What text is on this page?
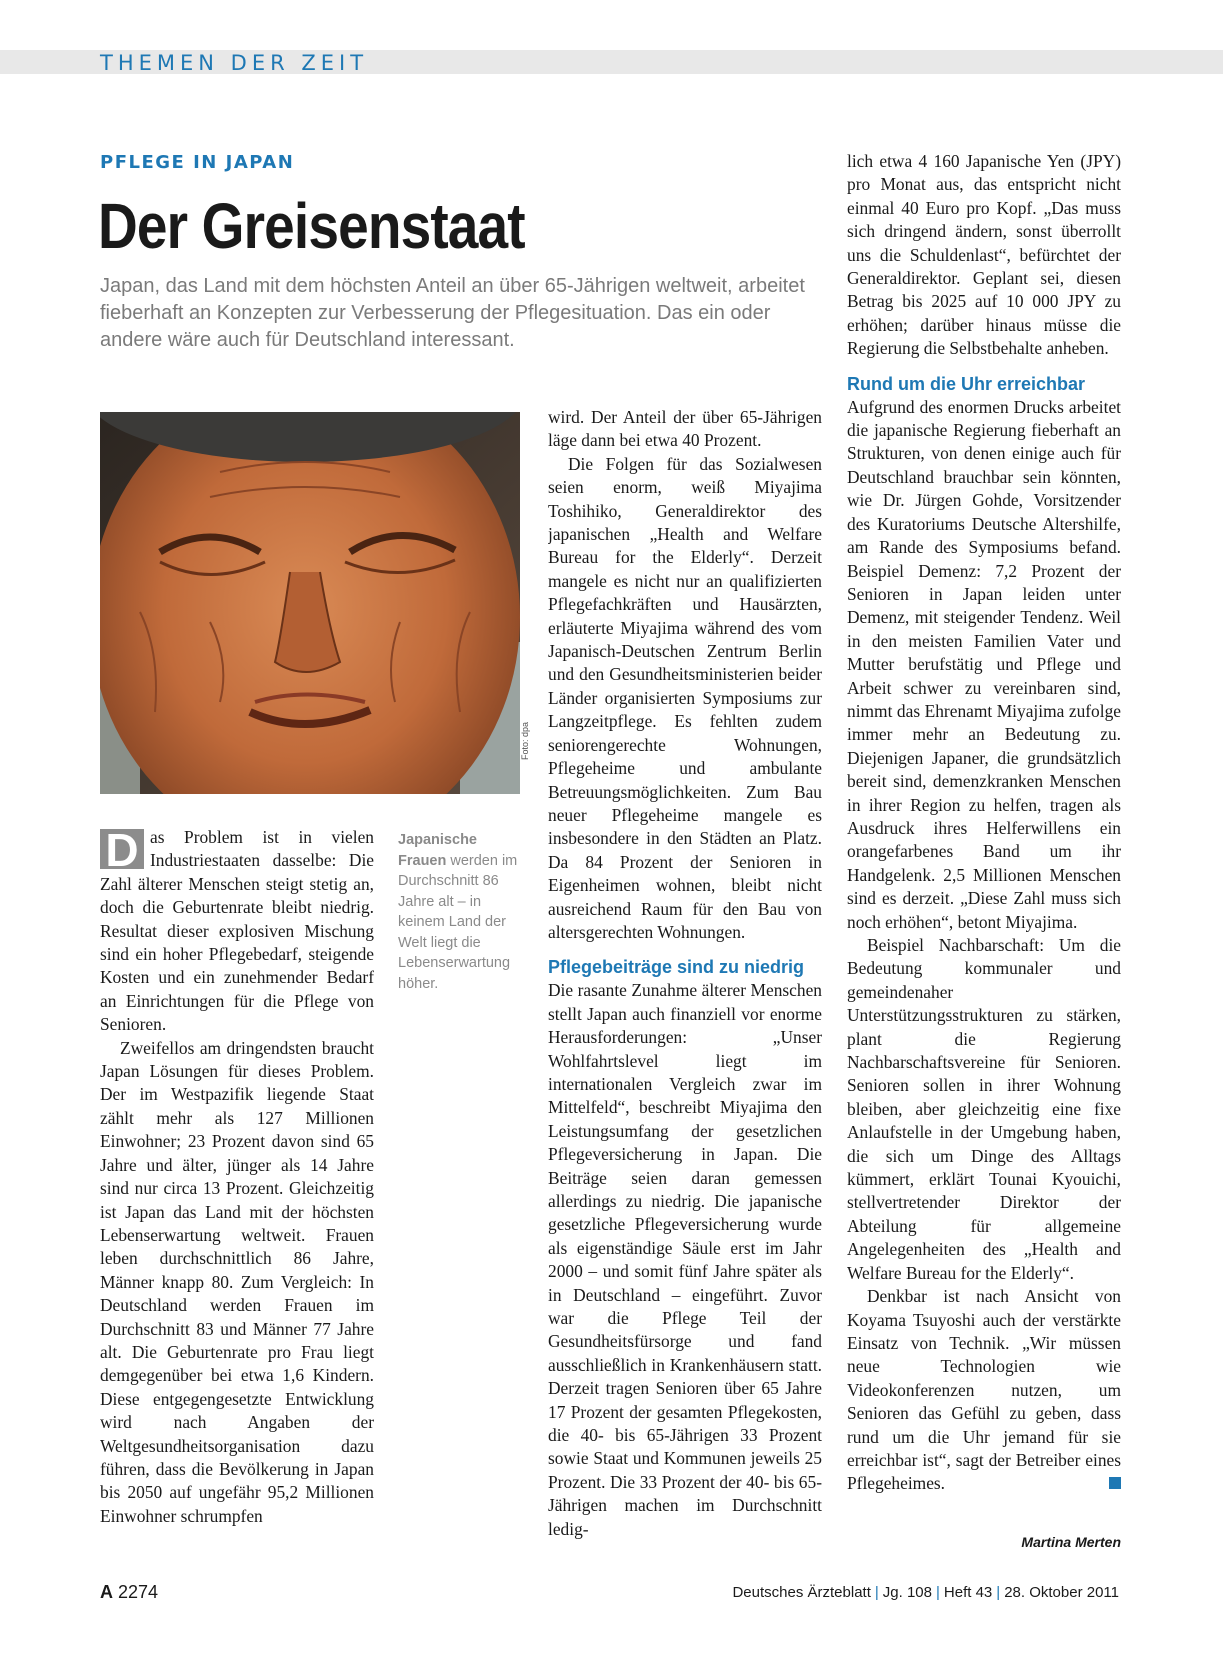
THEMEN DER ZEIT
PFLEGE IN JAPAN
Der Greisenstaat
Japan, das Land mit dem höchsten Anteil an über 65-Jährigen weltweit, arbeitet fieberhaft an Konzepten zur Verbesserung der Pflegesituation. Das ein oder andere wäre auch für Deutschland interessant.
Foto: dpa
Japanische Frauen werden im Durchschnitt 86 Jahre alt – in keinem Land der Welt liegt die Lebenserwartung höher.
D as Problem ist in vielen Industriestaaten dasselbe: Die Zahl älterer Menschen steigt stetig an, doch die Geburtenrate bleibt niedrig. Resultat dieser explosiven Mischung sind ein hoher Pflegebedarf, steigende Kosten und ein zunehmender Bedarf an Einrichtungen für die Pflege von Senioren.

Zweifellos am dringendsten braucht Japan Lösungen für dieses Problem. Der im Westpazifik liegende Staat zählt mehr als 127 Millionen Einwohner; 23 Prozent davon sind 65 Jahre und älter, jünger als 14 Jahre sind nur circa 13 Prozent. Gleichzeitig ist Japan das Land mit der höchsten Lebenserwartung weltweit. Frauen leben durchschnittlich 86 Jahre, Männer knapp 80. Zum Vergleich: In Deutschland werden Frauen im Durchschnitt 83 und Männer 77 Jahre alt. Die Geburtenrate pro Frau liegt demgegenüber bei etwa 1,6 Kindern. Diese entgegengesetzte Entwicklung wird nach Angaben der Weltgesundheitsorganisation dazu führen, dass die Bevölkerung in Japan bis 2050 auf ungefähr 95,2 Millionen Einwohner schrumpfen

wird. Der Anteil der über 65-Jährigen läge dann bei etwa 40 Prozent.

Die Folgen für das Sozialwesen seien enorm, weiß Miyajima Toshihiko, Generaldirektor des japanischen „Health and Welfare Bureau for the Elderly“. Derzeit mangele es nicht nur an qualifizierten Pflegefachkräften und Hausärzten, erläuterte Miyajima während des vom Japanisch-Deutschen Zentrum Berlin und den Gesundheitsministerien beider Länder organisierten Symposiums zur Langzeitpflege. Es fehlten zudem seniorengerechte Wohnungen, Pflegeheime und ambulante Betreuungsmöglichkeiten. Zum Bau neuer Pflegeheime mangele es insbesondere in den Städten an Platz. Da 84 Prozent der Senioren in Eigenheimen wohnen, bleibt nicht ausreichend Raum für den Bau von altersgerechten Wohnungen.

Pflegebeiträge sind zu niedrig

Die rasante Zunahme älterer Menschen stellt Japan auch finanziell vor enorme Herausforderungen: „Unser Wohlfahrtslevel liegt im internationalen Vergleich zwar im Mittelfeld“, beschreibt Miyajima den Leistungsumfang der gesetzlichen Pflegeversicherung in Japan. Die Beiträge seien daran gemessen allerdings zu niedrig. Die japanische gesetzliche Pflegeversicherung wurde als eigenständige Säule erst im Jahr 2000 – und somit fünf Jahre später als in Deutschland – eingeführt. Zuvor war die Pflege Teil der Gesundheitsfürsorge und fand ausschließlich in Krankenhäusern statt. Derzeit tragen Senioren über 65 Jahre 17 Prozent der gesamten Pflegekosten, die 40- bis 65-Jährigen 33 Prozent sowie Staat und Kommunen jeweils 25 Prozent. Die 33 Prozent der 40- bis 65-Jährigen machen im Durchschnitt ledig-

lich etwa 4 160 Japanische Yen (JPY) pro Monat aus, das entspricht nicht einmal 40 Euro pro Kopf. „Das muss sich dringend ändern, sonst überrollt uns die Schuldenlast“, befürchtet der Generaldirektor. Geplant sei, diesen Betrag bis 2025 auf 10 000 JPY zu erhöhen; darüber hinaus müsse die Regierung die Selbstbehalte anheben.

Rund um die Uhr erreichbar

Aufgrund des enormen Drucks arbeitet die japanische Regierung fieberhaft an Strukturen, von denen einige auch für Deutschland brauchbar sein könnten, wie Dr. Jürgen Gohde, Vorsitzender des Kuratoriums Deutsche Altershilfe, am Rande des Symposiums befand. Beispiel Demenz: 7,2 Prozent der Senioren in Japan leiden unter Demenz, mit steigender Tendenz. Weil in den meisten Familien Vater und Mutter berufstätig und Pflege und Arbeit schwer zu vereinbaren sind, nimmt das Ehrenamt Miyajima zufolge immer mehr an Bedeutung zu. Diejenigen Japaner, die grundsätzlich bereit sind, demenzkranken Menschen in ihrer Region zu helfen, tragen als Ausdruck ihres Helferwillens ein orangefarbenes Band um ihr Handgelenk. 2,5 Millionen Menschen sind es derzeit. „Diese Zahl muss sich noch erhöhen“, betont Miyajima.

Beispiel Nachbarschaft: Um die Bedeutung kommunaler und gemeindenaher Unterstützungsstrukturen zu stärken, plant die Regierung Nachbarschaftsvereine für Senioren. Senioren sollen in ihrer Wohnung bleiben, aber gleichzeitig eine fixe Anlaufstelle in der Umgebung haben, die sich um Dinge des Alltags kümmert, erklärt Tounai Kyouichi, stellvertretender Direktor der Abteilung für allgemeine Angelegenheiten des „Health and Welfare Bureau for the Elderly“.

Denkbar ist nach Ansicht von Koyama Tsuyoshi auch der verstärkte Einsatz von Technik. „Wir müssen neue Technologien wie Videokonferenzen nutzen, um Senioren das Gefühl zu geben, dass rund um die Uhr jemand für sie erreichbar ist“, sagt der Betreiber eines Pflegeheimes.

Martina Merten
A 2274	Deutsches Ärzteblatt | Jg. 108 | Heft 43 | 28. Oktober 2011
